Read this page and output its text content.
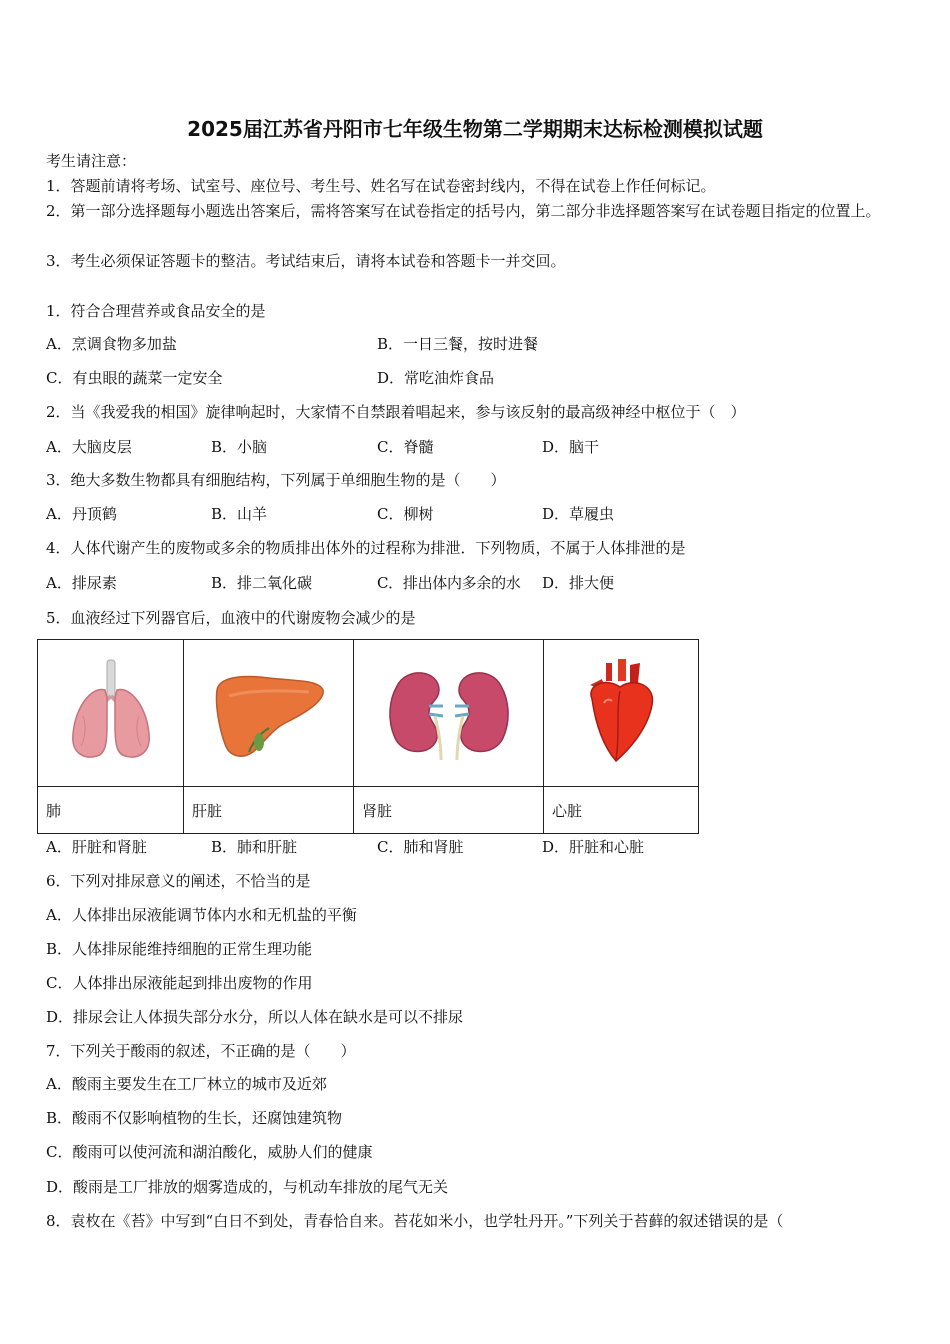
2025届江苏省丹阳市七年级生物第二学期期末达标检测模拟试题
考生请注意：
1．答题前请将考场、试室号、座位号、考生号、姓名写在试卷密封线内，不得在试卷上作任何标记。
2．第一部分选择题每小题选出答案后，需将答案写在试卷指定的括号内，第二部分非选择题答案写在试卷题目指定的位置上。
3．考生必须保证答题卡的整洁。考试结束后，请将本试卷和答题卡一并交回。
1．符合合理营养或食品安全的是
A．烹调食物多加盐	B．一日三餐，按时进餐
C．有虫眼的蔬菜一定安全	D．常吃油炸食品
2．当《我爱我的相国》旋律响起时，大家情不自禁跟着唱起来，参与该反射的最高级神经中枢位于（　）
A．大脑皮层	B．小脑	C．脊髓	D．脑干
3．绝大多数生物都具有细胞结构，下列属于单细胞生物的是（　　）
A．丹顶鹤	B．山羊	C．柳树	D．草履虫
4．人体代谢产生的废物或多余的物质排出体外的过程称为排泄．下列物质，不属于人体排泄的是
A．排尿素	B．排二氧化碳	C．排出体内多余的水 D．排大便
5．血液经过下列器官后，血液中的代谢废物会减少的是

肺	肝脏	肾脏	心脏
A．肝脏和肾脏	B．肺和肝脏	C．肺和肾脏	D．肝脏和心脏
6．下列对排尿意义的阐述，不恰当的是
A．人体排出尿液能调节体内水和无机盐的平衡
B．人体排尿能维持细胞的正常生理功能
C．人体排出尿液能起到排出废物的作用
D．排尿会让人体损失部分水分，所以人体在缺水是可以不排尿
7．下列关于酸雨的叙述，不正确的是（　　）
A．酸雨主要发生在工厂林立的城市及近郊
B．酸雨不仅影响植物的生长，还腐蚀建筑物
C．酸雨可以使河流和湖泊酸化，威胁人们的健康
D．酸雨是工厂排放的烟雾造成的，与机动车排放的尾气无关
8．袁枚在《苔》中写到“白日不到处，青春恰自来。苔花如米小，也学牡丹开。”下列关于苔藓的叙述错误的是（
